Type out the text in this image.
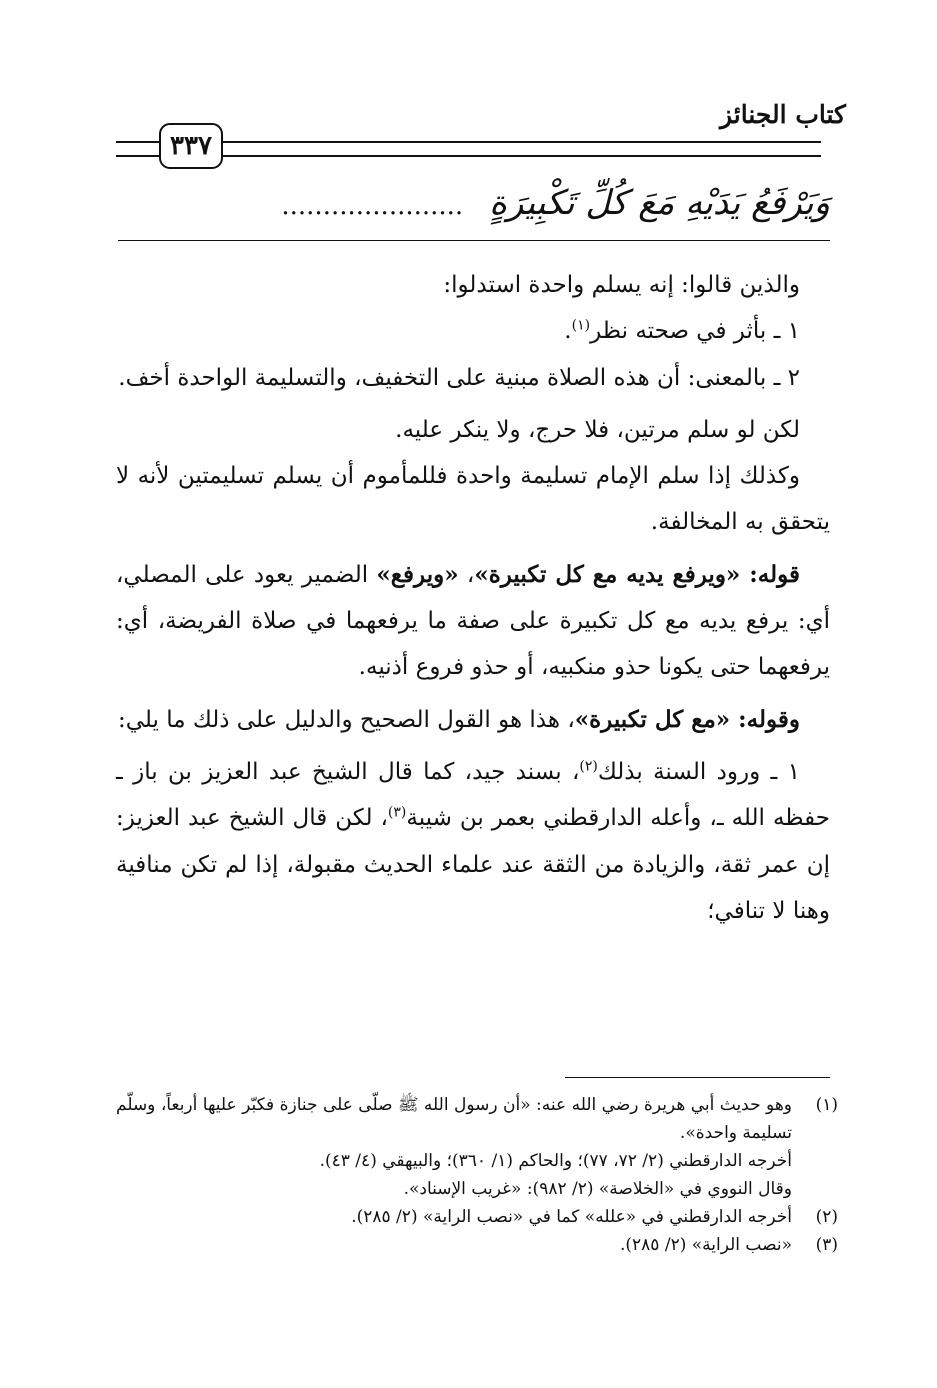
كتاب الجنائز
٣٣٧
وَيَرْفَعُ يَدَيْهِ مَعَ كُلِّ تَكْبِيرَةٍ......................

والذين قالوا: إنه يسلم واحدة استدلوا:

١ ـ بأثر في صحته نظر$^{(١)}$.

٢ ـ بالمعنى: أن هذه الصلاة مبنية على التخفيف، والتسليمة الواحدة أخف.

لكن لو سلم مرتين، فلا حرج، ولا ينكر عليه.

وكذلك إذا سلم الإمام تسليمة واحدة فللمأموم أن يسلم تسليمتين لأنه لا يتحقق به المخالفة.

قوله: «ويرفع يديه مع كل تكبيرة»، «ويرفع» الضمير يعود على المصلي، أي: يرفع يديه مع كل تكبيرة على صفة ما يرفعهما في صلاة الفريضة، أي: يرفعهما حتى يكونا حذو منكبيه، أو حذو فروع أذنيه.

وقوله: «مع كل تكبيرة»، هذا هو القول الصحيح والدليل على ذلك ما يلي:

١ ـ ورود السنة بذلك$^{(٢)}$، بسند جيد، كما قال الشيخ عبد العزيز بن باز ـ حفظه الله ـ، وأعله الدارقطني بعمر بن شيبة$^{(٣)}$، لكن قال الشيخ عبد العزيز: إن عمر ثقة، والزيادة من الثقة عند علماء الحديث مقبولة، إذا لم تكن منافية وهنا لا تنافي؛

(١)
وهو حديث أبي هريرة رضي الله عنه: «أن رسول الله ﷺ صلّى على جنازة فكبّر عليها أربعاً، وسلّم تسليمة واحدة».
أخرجه الدارقطني (٢/ ٧٢، ٧٧)؛ والحاكم (١/ ٣٦٠)؛ والبيهقي (٤/ ٤٣).
وقال النووي في «الخلاصة» (٢/ ٩٨٢): «غريب الإسناد».
(٢)
أخرجه الدارقطني في «علله» كما في «نصب الراية» (٢/ ٢٨٥).
(٣)
«نصب الراية» (٢/ ٢٨٥).
